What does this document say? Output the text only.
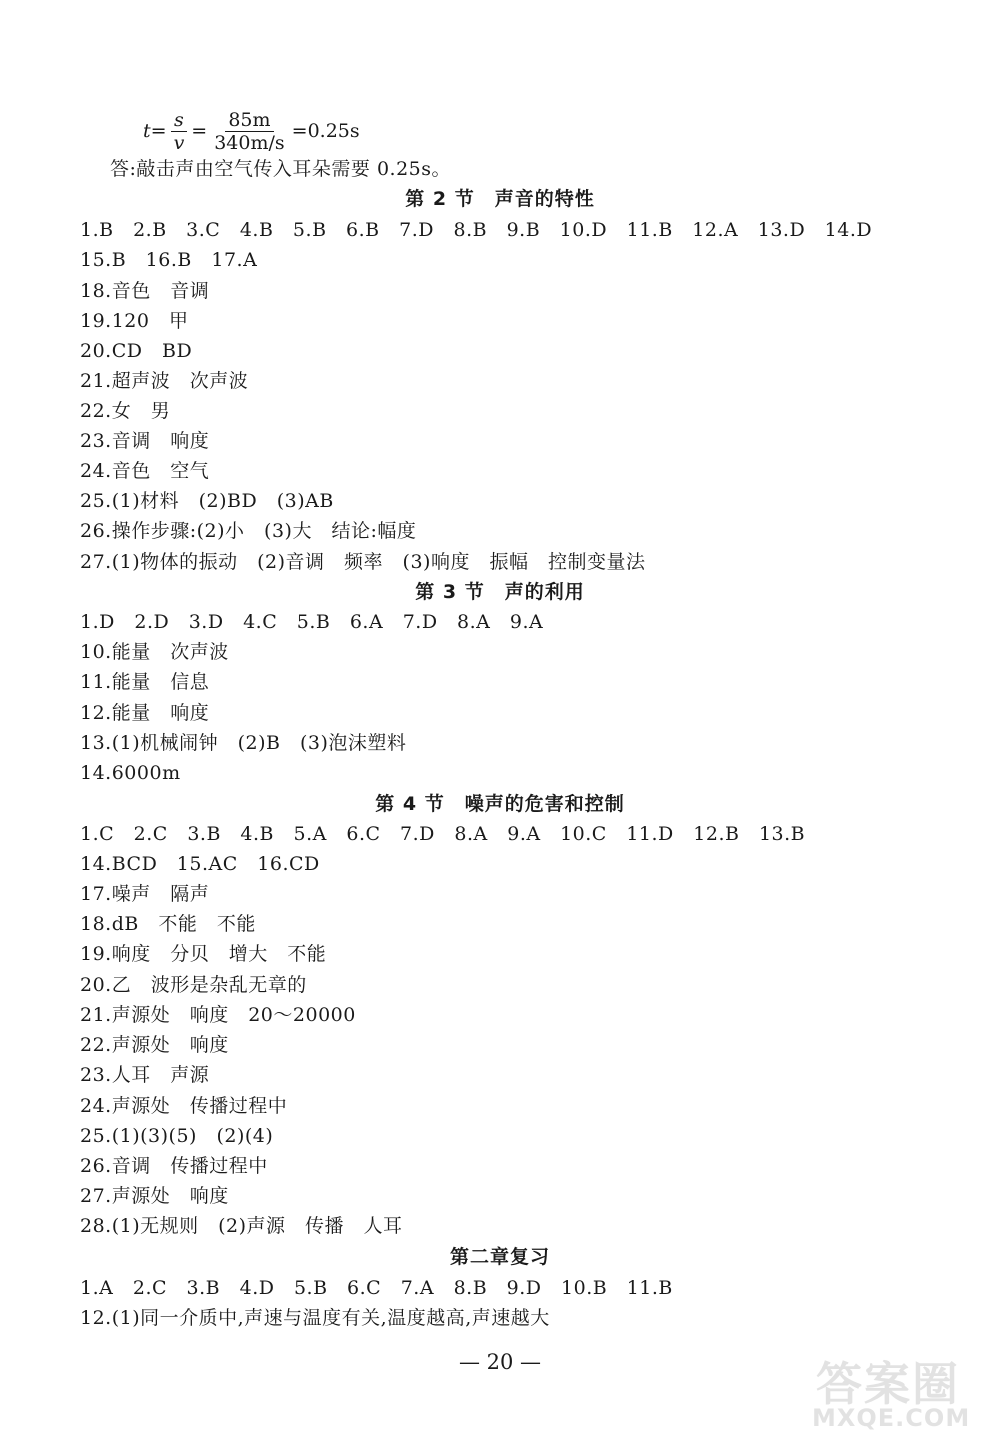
$t = \frac{s}{v} = \frac{85m}{340m/s} =0.25s$
答:敲击声由空气传入耳朵需要 0.25s。
第 2 节　声音的特性
1.B　2.B　3.C　4.B　5.B　6.B　7.D　8.B　9.B　10.D　11.B　12.A　13.D　14.D
15.B　16.B　17.A
18.音色　音调
19.120　甲
20.CD　BD
21.超声波　次声波
22.女　男
23.音调　响度
24.音色　空气
25.(1)材料　(2)BD　(3)AB
26.操作步骤:(2)小　(3)大　结论:幅度
27.(1)物体的振动　(2)音调　频率　(3)响度　振幅　控制变量法
第 3 节　声的利用
1.D　2.D　3.D　4.C　5.B　6.A　7.D　8.A　9.A
10.能量　次声波
11.能量　信息
12.能量　响度
13.(1)机械闹钟　(2)B　(3)泡沫塑料
14.6000m
第 4 节　噪声的危害和控制
1.C　2.C　3.B　4.B　5.A　6.C　7.D　8.A　9.A　10.C　11.D　12.B　13.B
14.BCD　15.AC　16.CD
17.噪声　隔声
18.dB　不能　不能
19.响度　分贝　增大　不能
20.乙　波形是杂乱无章的
21.声源处　响度　20～20000
22.声源处　响度
23.人耳　声源
24.声源处　传播过程中
25.(1)(3)(5)　(2)(4)
26.音调　传播过程中
27.声源处　响度
28.(1)无规则　(2)声源　传播　人耳
第二章复习
1.A　2.C　3.B　4.D　5.B　6.C　7.A　8.B　9.D　10.B　11.B
12.(1)同一介质中,声速与温度有关,温度越高,声速越大
— 20 —	答案圈
MXQE.COM
